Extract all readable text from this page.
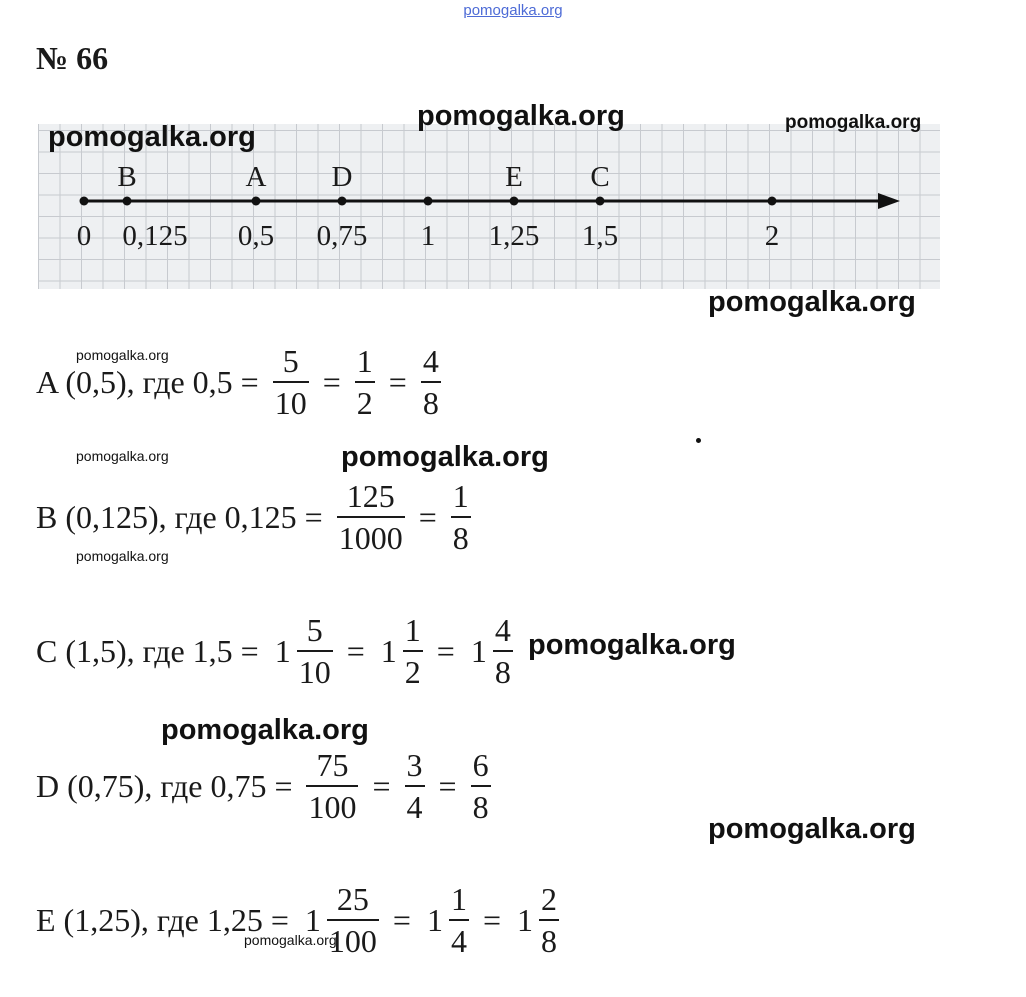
pomogalka.org
№ 66
0 0,125
B
0,5
A
0,75
D
1 1,25
E
1,5
C
2
A (0,5), где $0,5 = \frac{5}{10} = \frac{1}{2} = \frac{4}{8}$
B (0,125), где $0,125 = \frac{125}{1000} = \frac{1}{8}$
C (1,5), где $1,5 = 1 \frac{5}{10} = 1 \frac{1}{2} = 1 \frac{4}{8}$
D (0,75), где $0,75 = \frac{75}{100} = \frac{3}{4} = \frac{6}{8}$
E (1,25), где $1,25 = 1 \frac{25}{100} = 1 \frac{1}{4} = 1 \frac{2}{8}$
pomogalka.org
pomogalka.org	pomogalka.org
pomogalka.org
pomogalka.org
pomogalka.org	pomogalka.org
pomogalka.org
pomogalka.org
pomogalka.org
pomogalka.org
pomogalka.org
